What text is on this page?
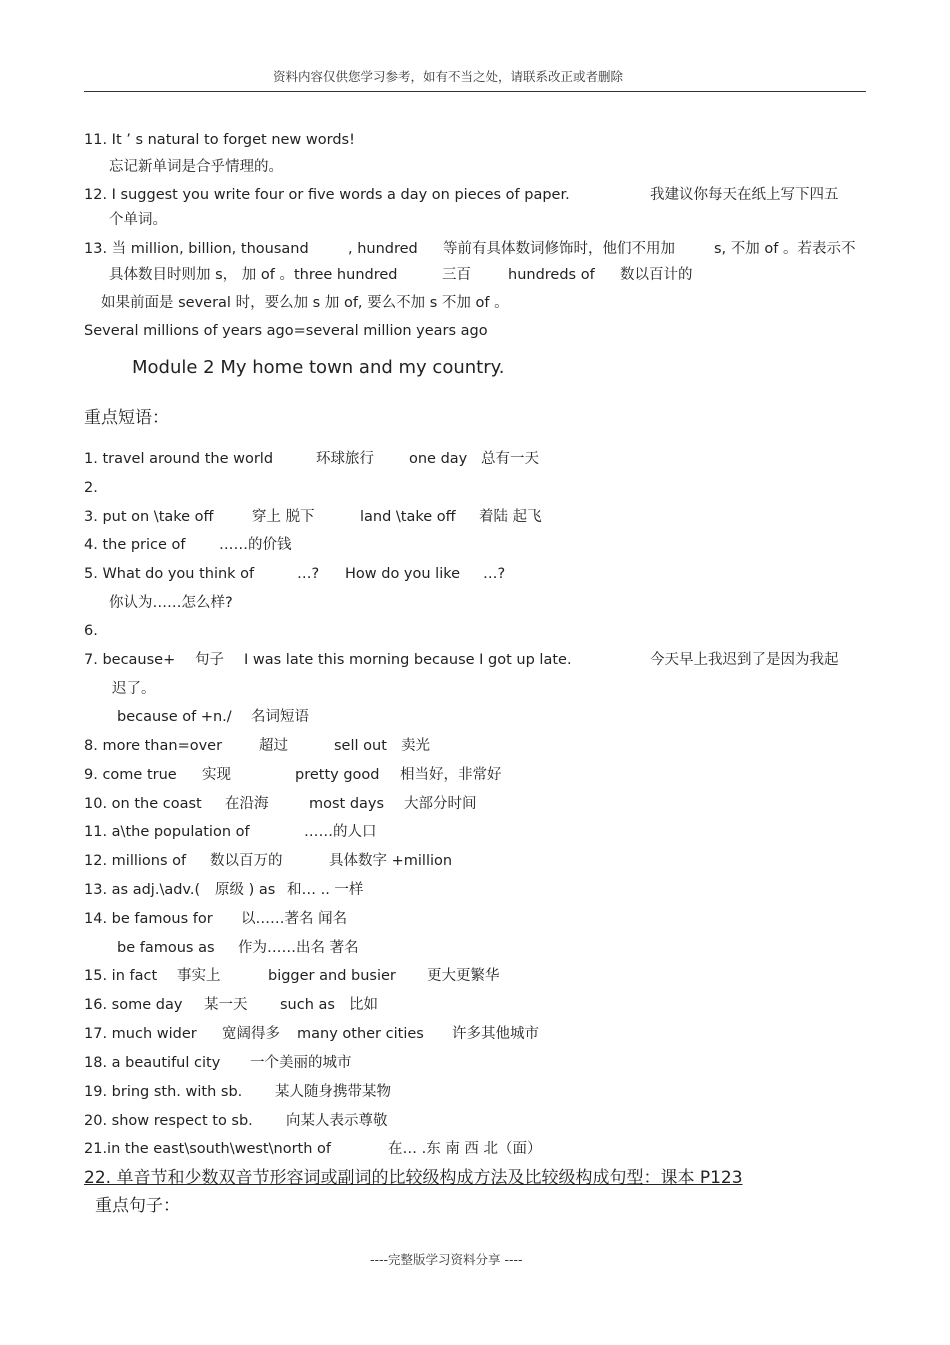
资料内容仅供您学习参考，如有不当之处，请联系改正或者删除
11. It ’ s natural to forget new words!
忘记新单词是合乎情理的。
12. I suggest you write four or five words a day on pieces of paper.	我建议你每天在纸上写下四五
个单词。
13. 当 million, billion, thousand	, hundred 等前有具体数词修饰时，他们不用加	s, 不加 of 。若表示不
具体数目时则加 s， 加 of 。three hundred	三百	hundreds of 数以百计的
如果前面是 several 时，要么加 s 加 of, 要么不加 s 不加 of 。
Several millions of years ago=several million years ago
Module 2 My home town and my country.
重点短语：
1. travel around the world	环球旅行 one day 总有一天
2.
3. put on \take off	穿上 脱下	land \take off 着陆 起飞
4. the price of ……的价钱
5. What do you think of	…? How do you like …?
你认为……怎么样?
6.
7. because+ 句子 I was late this morning because I got up late.	今天早上我迟到了是因为我起
迟了。
because of +n./ 名词短语
8. more than=over	超过	sell out 卖光
9. come true 实现	pretty good 相当好，非常好
10. on the coast 在沿海	most days 大部分时间
11. a\the population of	……的人口
12. millions of 数以百万的	具体数字 +million
13. as adj.\adv.( 原级 ) as 和… .. 一样
14. be famous for 以……著名 闻名
be famous as 作为……出名 著名
15. in fact 事实上	bigger and busier 更大更繁华
16. some day 某一天 such as 比如
17. much wider 宽阔得多 many other cities 许多其他城市
18. a beautiful city 一个美丽的城市
19. bring sth. with sb. 某人随身携带某物
20. show respect to sb. 向某人表示尊敬
21.in the east\south\west\north of	在… .东 南 西 北（面）
22. 单音节和少数双音节形容词或副词的比较级构成方法及比较级构成句型：课本 P123
重点句子：
----完整版学习资料分享 ----
